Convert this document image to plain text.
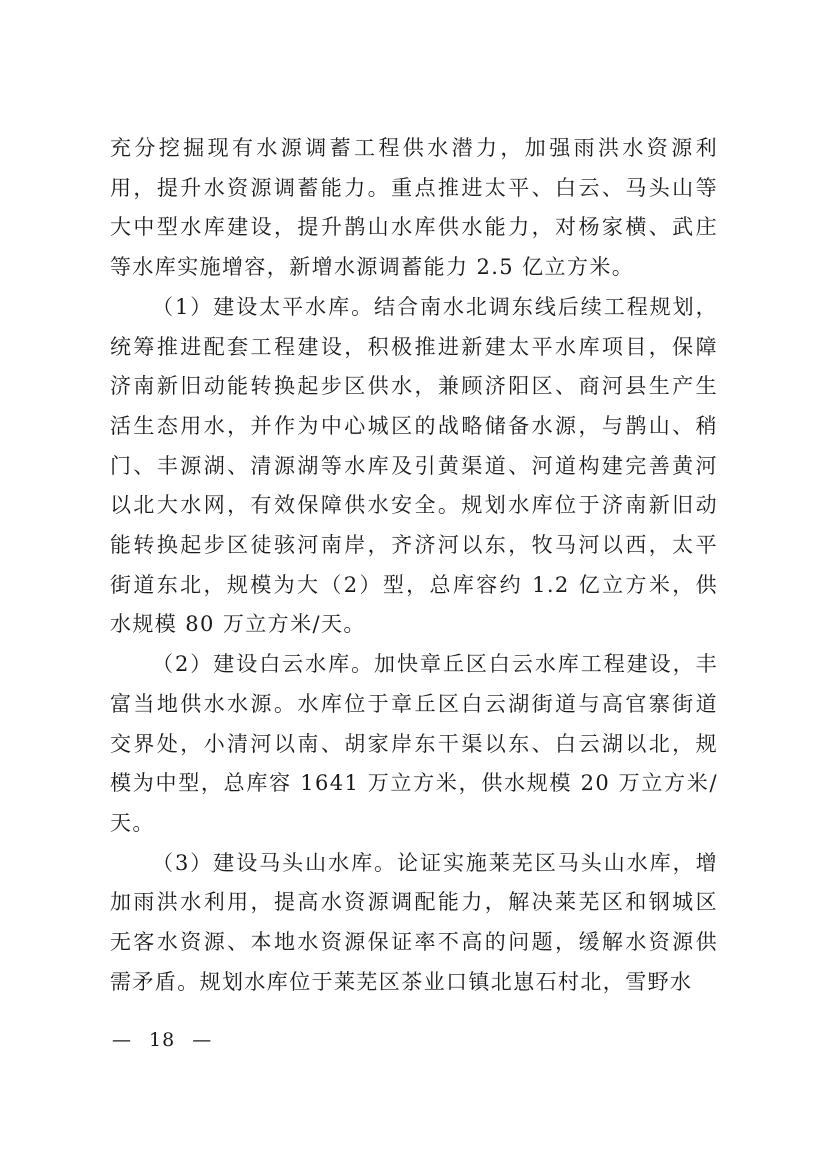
充分挖掘现有水源调蓄工程供水潜力，加强雨洪水资源利
用，提升水资源调蓄能力。重点推进太平、白云、马头山等
大中型水库建设，提升鹊山水库供水能力，对杨家横、武庄
等水库实施增容，新增水源调蓄能力 2.5 亿立方米。

（1）建设太平水库。结合南水北调东线后续工程规划，
统筹推进配套工程建设，积极推进新建太平水库项目，保障
济南新旧动能转换起步区供水，兼顾济阳区、商河县生产生
活生态用水，并作为中心城区的战略储备水源，与鹊山、稍
门、丰源湖、清源湖等水库及引黄渠道、河道构建完善黄河
以北大水网，有效保障供水安全。规划水库位于济南新旧动
能转换起步区徒骇河南岸，齐济河以东，牧马河以西，太平
街道东北，规模为大（2）型，总库容约 1.2 亿立方米，供
水规模 80 万立方米/天。

（2）建设白云水库。加快章丘区白云水库工程建设，丰
富当地供水水源。水库位于章丘区白云湖街道与高官寨街道
交界处，小清河以南、胡家岸东干渠以东、白云湖以北，规
模为中型，总库容 1641 万立方米，供水规模 20 万立方米/
天。

（3）建设马头山水库。论证实施莱芜区马头山水库，增
加雨洪水利用，提高水资源调配能力，解决莱芜区和钢城区
无客水资源、本地水资源保证率不高的问题，缓解水资源供
需矛盾。规划水库位于莱芜区茶业口镇北崽石村北，雪野水

— 18 —
